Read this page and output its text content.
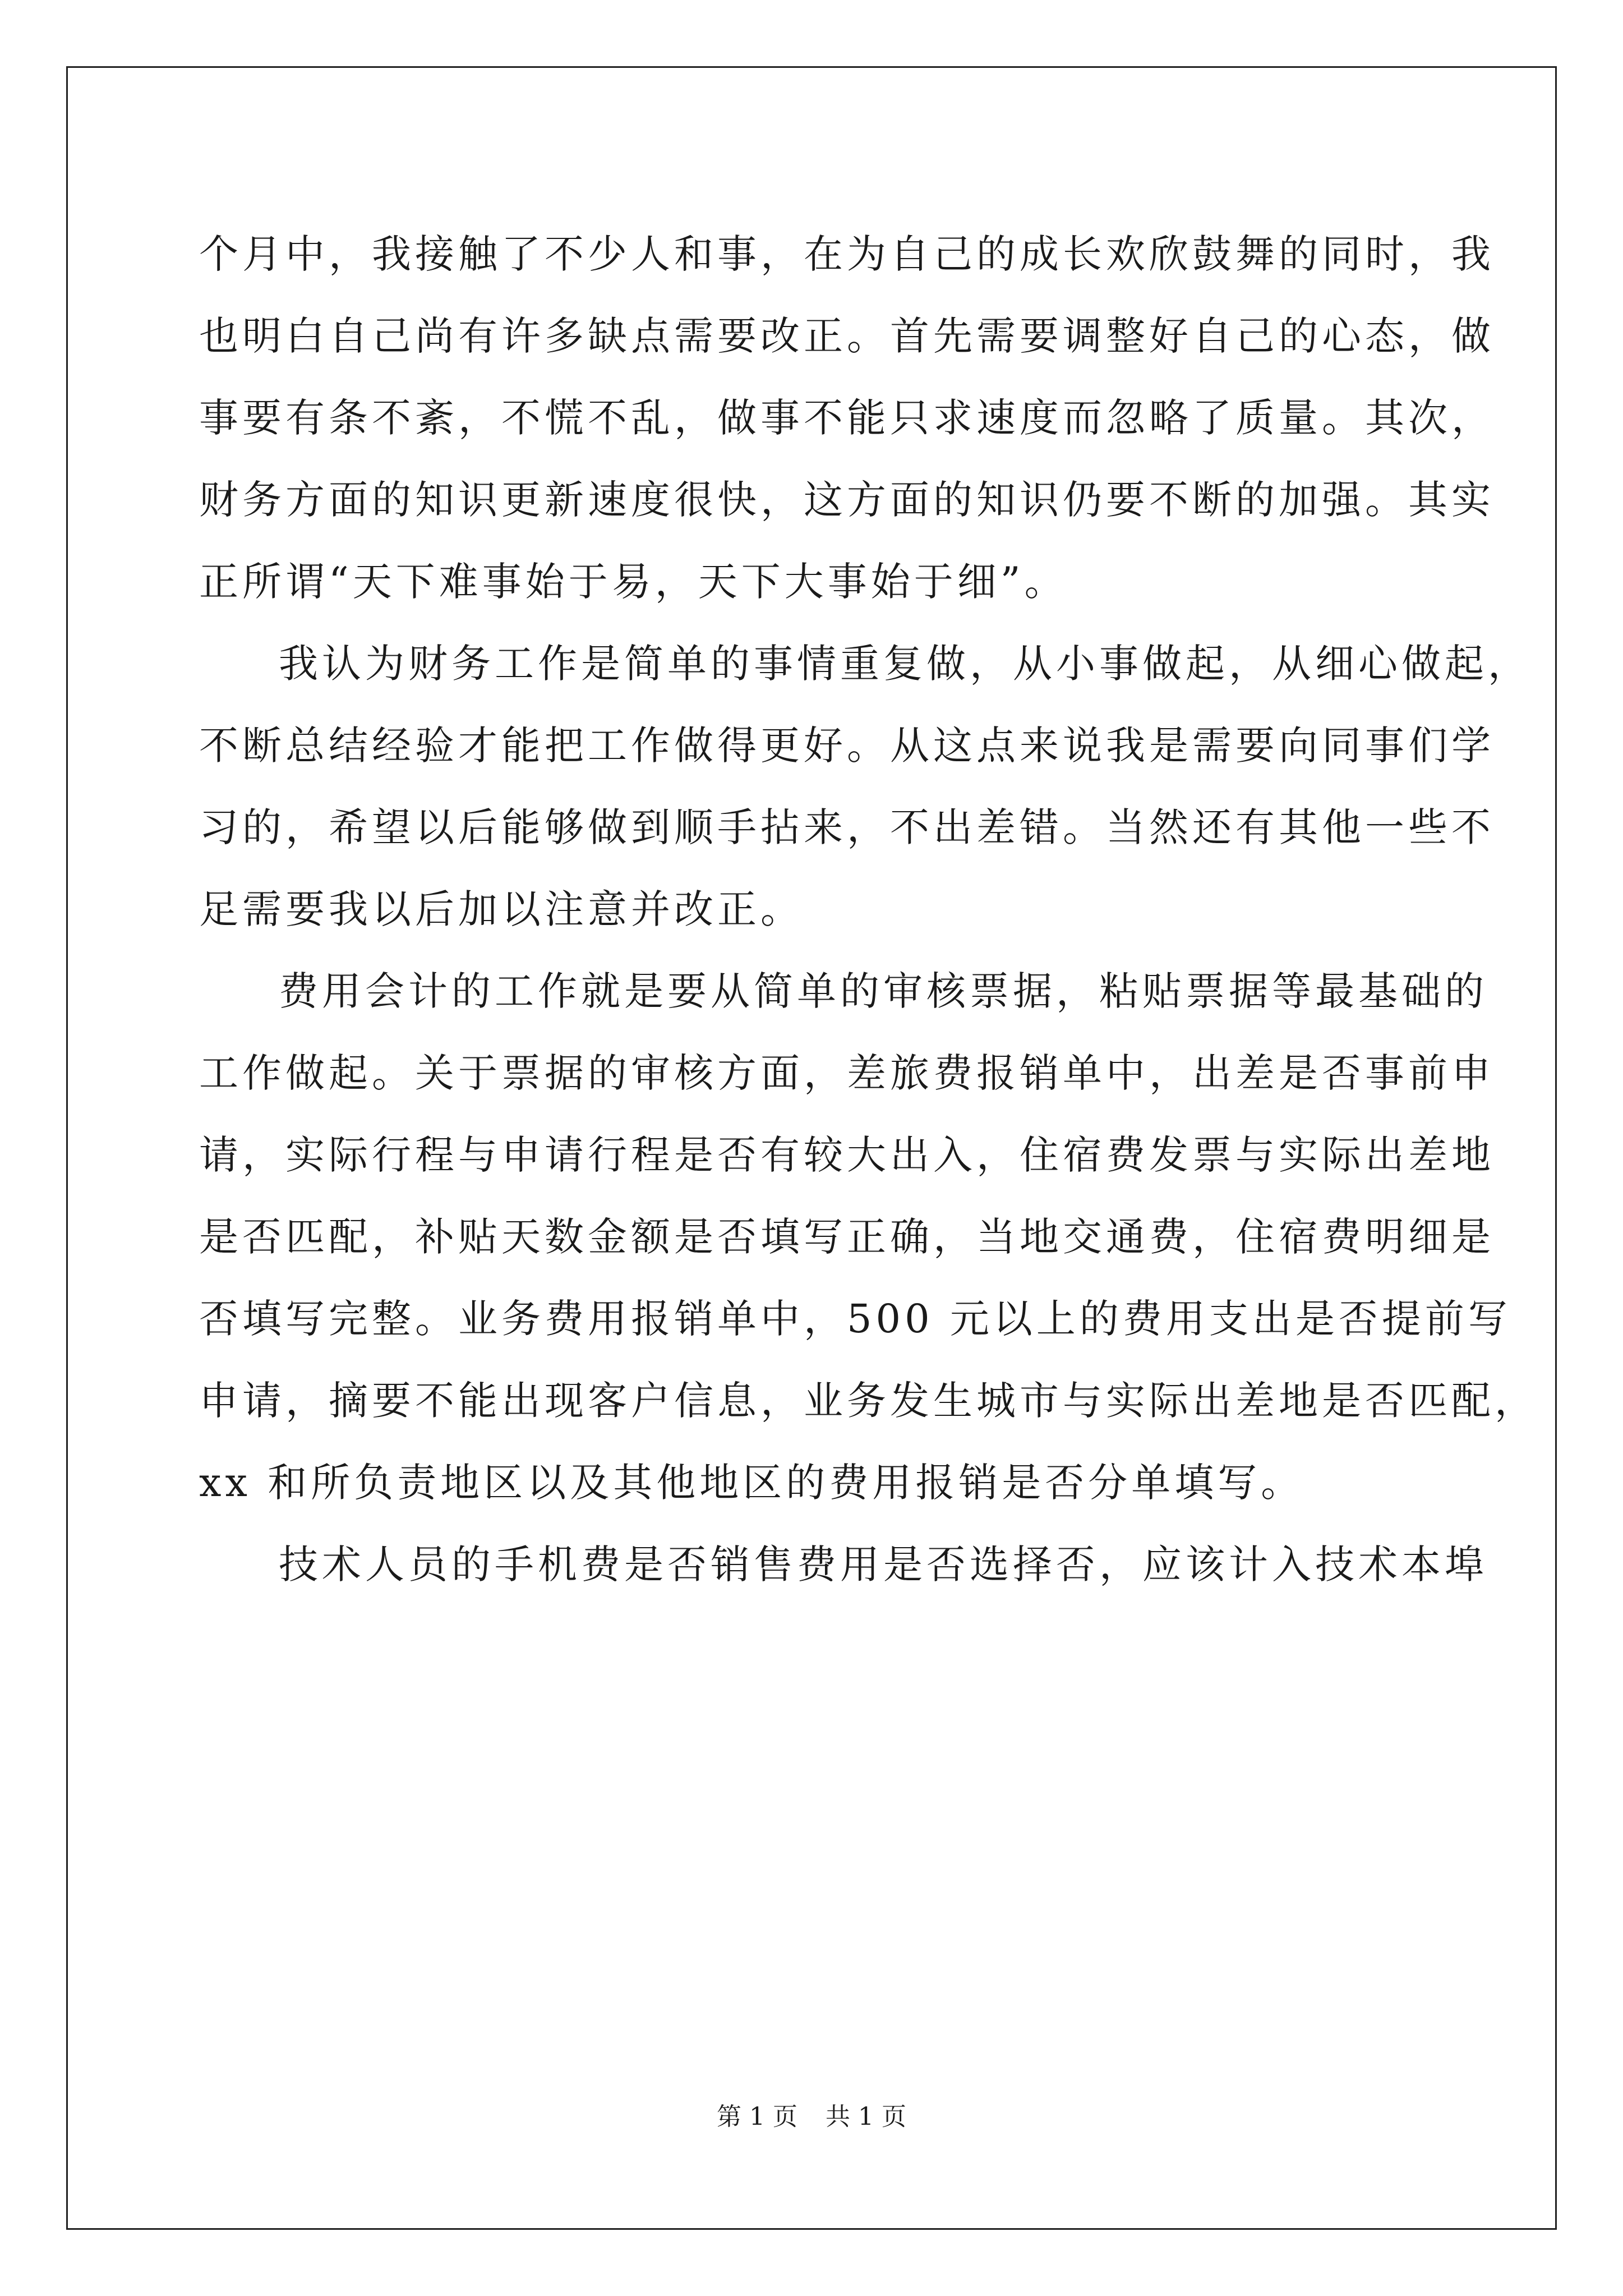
个月中，我接触了不少人和事，在为自己的成长欢欣鼓舞的同时，我
也明白自己尚有许多缺点需要改正。首先需要调整好自己的心态，做
事要有条不紊，不慌不乱，做事不能只求速度而忽略了质量。其次，
财务方面的知识更新速度很快，这方面的知识仍要不断的加强。其实
正所谓“天下难事始于易，天下大事始于细”。
我认为财务工作是简单的事情重复做，从小事做起，从细心做起，
不断总结经验才能把工作做得更好。从这点来说我是需要向同事们学
习的，希望以后能够做到顺手拈来，不出差错。当然还有其他一些不
足需要我以后加以注意并改正。
费用会计的工作就是要从简单的审核票据，粘贴票据等最基础的
工作做起。关于票据的审核方面，差旅费报销单中，出差是否事前申
请，实际行程与申请行程是否有较大出入，住宿费发票与实际出差地
是否匹配，补贴天数金额是否填写正确，当地交通费，住宿费明细是
否填写完整。业务费用报销单中，500 元以上的费用支出是否提前写
申请，摘要不能出现客户信息，业务发生城市与实际出差地是否匹配，
xx 和所负责地区以及其他地区的费用报销是否分单填写。
技术人员的手机费是否销售费用是否选择否，应该计入技术本埠
第 1 页 共 1 页
